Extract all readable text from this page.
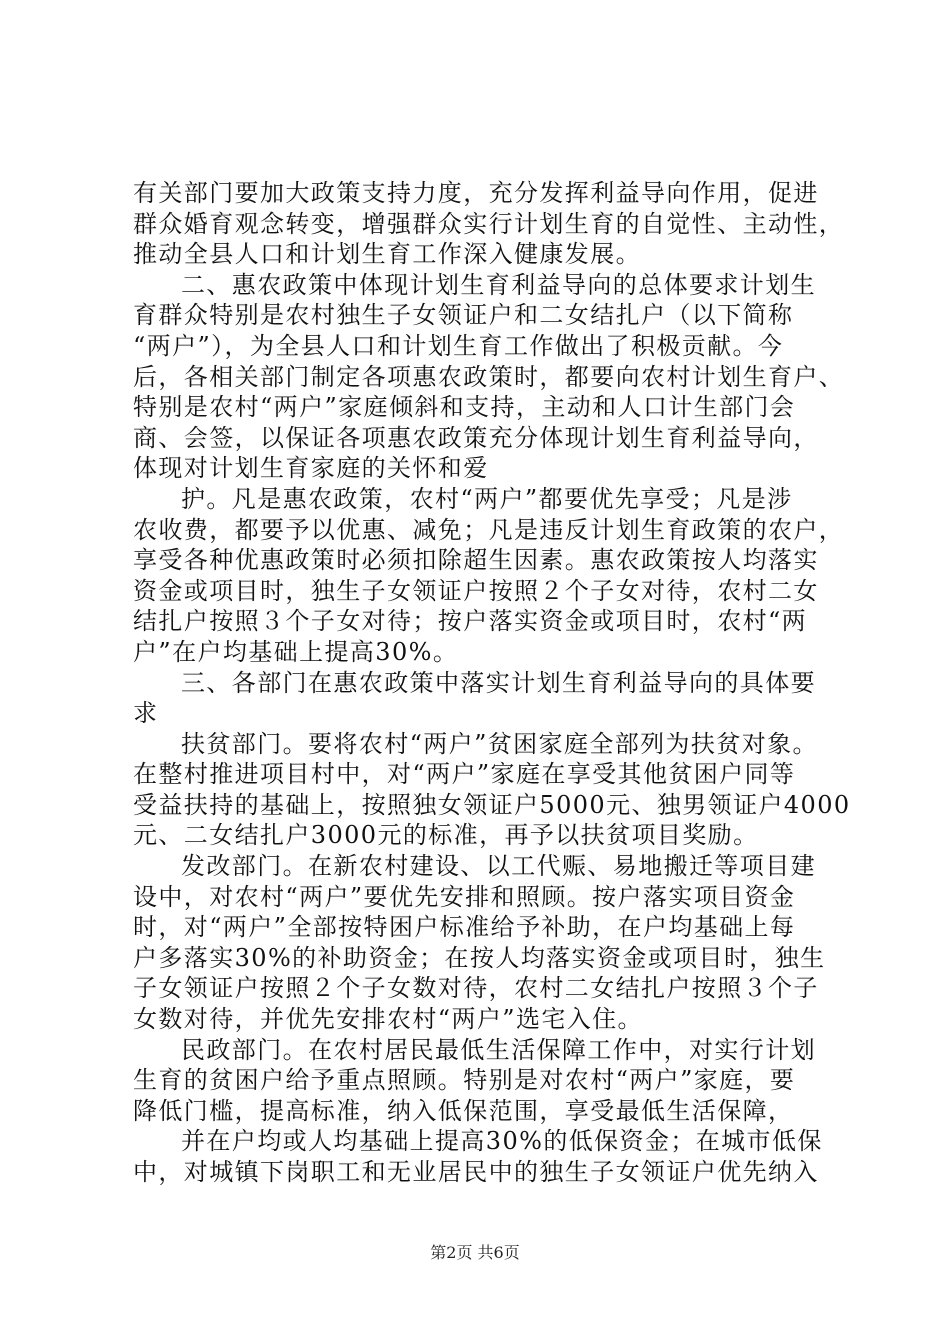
有关部门要加大政策支持力度，充分发挥利益导向作用，促进

群众婚育观念转变，增强群众实行计划生育的自觉性、主动性，

推动全县人口和计划生育工作深入健康发展。

二、惠农政策中体现计划生育利益导向的总体要求计划生

育群众特别是农村独生子女领证户和二女结扎户（以下简称

“两户”），为全县人口和计划生育工作做出了积极贡献。今

后，各相关部门制定各项惠农政策时，都要向农村计划生育户、

特别是农村“两户”家庭倾斜和支持，主动和人口计生部门会

商、会签，以保证各项惠农政策充分体现计划生育利益导向，

体现对计划生育家庭的关怀和爱

护。凡是惠农政策，农村“两户”都要优先享受；凡是涉

农收费，都要予以优惠、减免；凡是违反计划生育政策的农户，

享受各种优惠政策时必须扣除超生因素。惠农政策按人均落实

资金或项目时，独生子女领证户按照２个子女对待，农村二女

结扎户按照３个子女对待；按户落实资金或项目时，农村“两

户”在户均基础上提高30%。

三、各部门在惠农政策中落实计划生育利益导向的具体要

求

扶贫部门。要将农村“两户”贫困家庭全部列为扶贫对象。

在整村推进项目村中，对“两户”家庭在享受其他贫困户同等

受益扶持的基础上，按照独女领证户5000元、独男领证户4000

元、二女结扎户3000元的标准，再予以扶贫项目奖励。

发改部门。在新农村建设、以工代赈、易地搬迁等项目建

设中，对农村“两户”要优先安排和照顾。按户落实项目资金

时，对“两户”全部按特困户标准给予补助，在户均基础上每

户多落实30%的补助资金；在按人均落实资金或项目时，独生

子女领证户按照２个子女数对待，农村二女结扎户按照３个子

女数对待，并优先安排农村“两户”选宅入住。

民政部门。在农村居民最低生活保障工作中，对实行计划

生育的贫困户给予重点照顾。特别是对农村“两户”家庭，要

降低门槛，提高标准，纳入低保范围，享受最低生活保障，

并在户均或人均基础上提高30%的低保资金；在城市低保

中，对城镇下岗职工和无业居民中的独生子女领证户优先纳入

第2页 共6页
